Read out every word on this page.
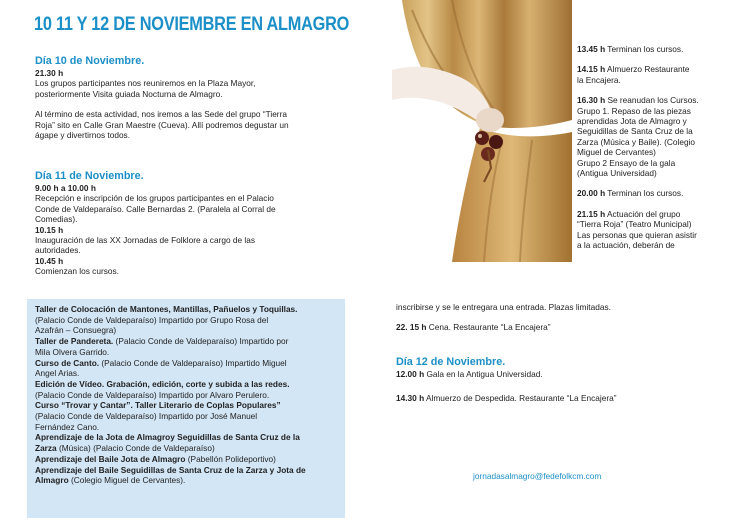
10 11 Y 12 DE NOVIEMBRE EN ALMAGRO

Día 10 de Noviembre.

21.30 h

Los grupos participantes nos reuniremos en la Plaza Mayor,

posteriormente Visita guiada Nocturna de Almagro.

Al término de esta actividad, nos iremos a las Sede del grupo “Tierra

Roja” sito en Calle Gran Maestre (Cueva). Allí podremos degustar un

ágape y divertirnos todos.

Día 11 de Noviembre.

9.00 h a 10.00 h

Recepción e inscripción de los grupos participantes en el Palacio

Conde de Valdeparaíso. Calle Bernardas 2. (Paralela al Corral de

Comedias).

10.15 h

Inauguración de las XX Jornadas de Folklore a cargo de las

autoridades.

10.45 h

Comienzan los cursos.

Taller de Colocación de Mantones, Mantillas, Pañuelos y Toquillas.

(Palacio Conde de Valdeparaíso) Impartido por Grupo Rosa del

Azafrán – Consuegra)

Taller de Pandereta. (Palacio Conde de Valdeparaíso) Impartido por

Mila Olvera Garrido.

Curso de Canto. (Palacio Conde de Valdeparaíso) Impartido Miguel

Angel Arias.

Edición de Vídeo. Grabación, edición, corte y subida a las redes.

(Palacio Conde de Valdeparaíso) Impartido por Alvaro Perulero.

Curso “Trovar y Cantar”. Taller Literario de Coplas Populares”

(Palacio Conde de Valdeparaíso) Impartido por José Manuel

Fernández Cano.

Aprendizaje de la Jota de Almagroy Seguidillas de Santa Cruz de la

Zarza (Música) (Palacio Conde de Valdeparaíso)

Aprendizaje del Baile Jota de Almagro (Pabellón Polideportivo)

Aprendizaje del Baile Seguidillas de Santa Cruz de la Zarza y Jota de

Almagro (Colegio Miguel de Cervantes).

13.45 h Terminan los cursos.

14.15 h Almuerzo Restaurante

la Encajera.

16.30 h Se reanudan los Cursos.

Grupo 1. Repaso de las piezas

aprendidas Jota de Almagro y

Seguidillas de Santa Cruz de la

Zarza (Música y Baile). (Colegio

Miguel de Cervantes)

Grupo 2 Ensayo de la gala

(Antigua Universidad)

20.00 h Terminan los cursos.

21.15 h Actuación del grupo

“Tierra Roja” (Teatro Municipal)

Las personas que quieran asistir

a la actuación, deberán de

inscribirse y se le entregara una entrada. Plazas limitadas.

22. 15 h Cena. Restaurante “La Encajera”

Día 12 de Noviembre.

12.00 h Gala en la Antigua Universidad.

14.30 h Almuerzo de Despedida. Restaurante “La Encajera”

jornadasalmagro@fedefolkcm.com
